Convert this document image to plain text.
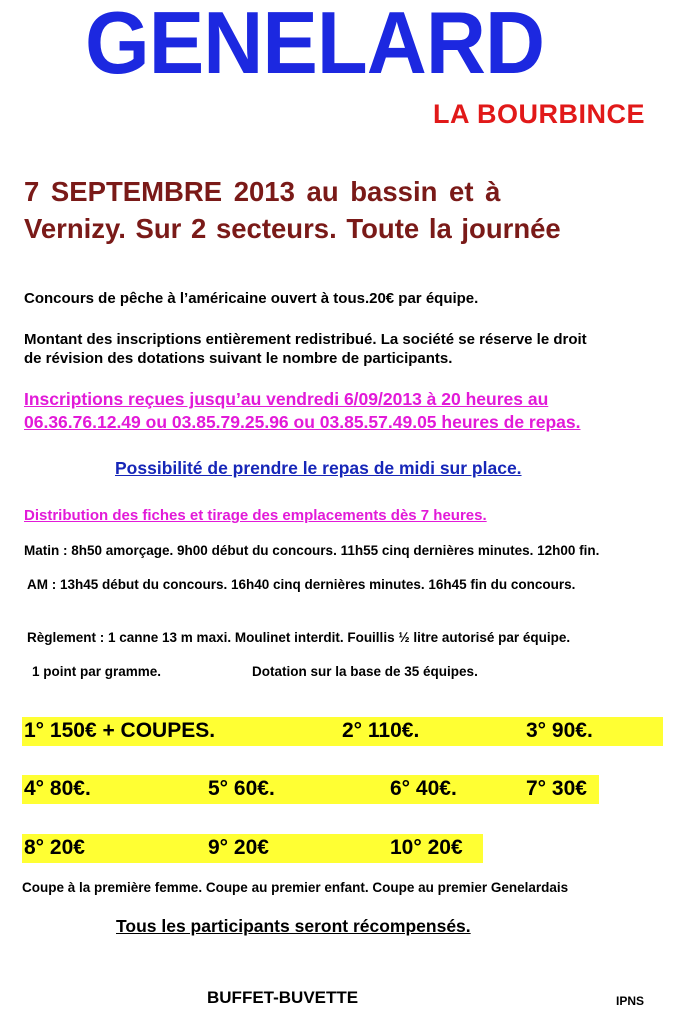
GENELARD
LA BOURBINCE
7 SEPTEMBRE 2013 au bassin et à
Vernizy. Sur 2 secteurs. Toute la journée
Concours de pêche à l’américaine ouvert à tous.20€ par équipe.
Montant des inscriptions entièrement redistribué. La société se réserve le droit
de révision des dotations suivant le nombre de participants.
Inscriptions reçues jusqu’au vendredi 6/09/2013 à 20 heures au
06.36.76.12.49 ou 03.85.79.25.96 ou 03.85.57.49.05 heures de repas.
Possibilité de prendre le repas de midi sur place.
Distribution des fiches et tirage des emplacements dès 7 heures.
Matin : 8h50 amorçage. 9h00 début du concours. 11h55 cinq dernières minutes. 12h00 fin.
AM : 13h45 début du concours. 16h40 cinq dernières minutes. 16h45 fin du concours.
Règlement : 1 canne 13 m maxi. Moulinet interdit. Fouillis ½ litre autorisé par équipe.
1 point par gramme.	Dotation sur la base de 35 équipes.
1° 150€ + COUPES.	2° 110€.	3° 90€.
4° 80€.	5° 60€.	6° 40€.	7° 30€
8° 20€	9° 20€	10° 20€
Coupe à la première femme. Coupe au premier enfant. Coupe au premier Genelardais
Tous les participants seront récompensés.
BUFFET-BUVETTE	IPNS
